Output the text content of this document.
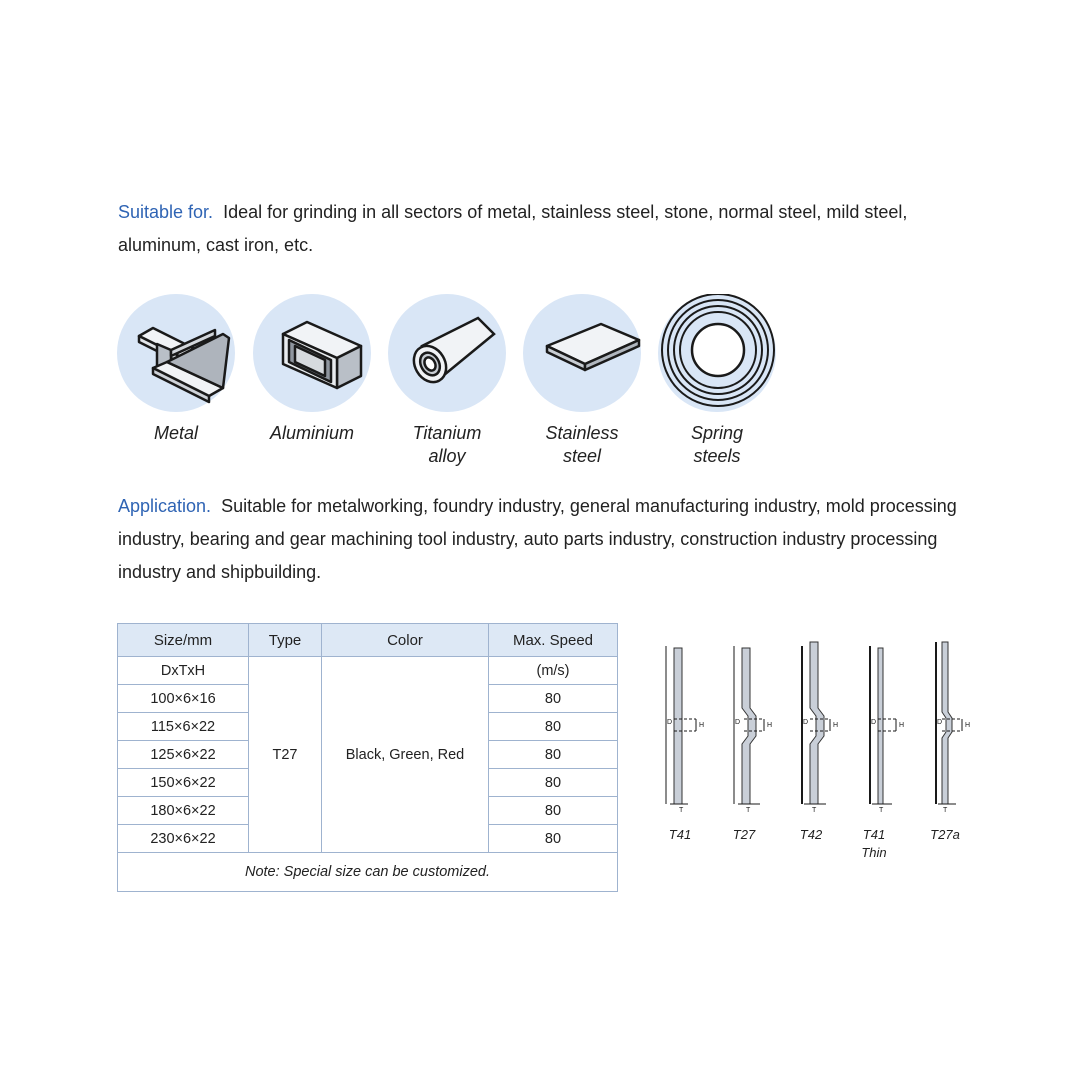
Suitable for. Ideal for grinding in all sectors of metal, stainless steel, stone, normal steel, mild steel, aluminum, cast iron, etc.
Metal	Aluminium	Titanium
alloy
Stainless
steel
Spring
steels
Application. Suitable for metalworking, foundry industry, general manufacturing industry, mold processing industry, bearing and gear machining tool industry, auto parts industry, construction industry processing industry and shipbuilding.
Size/mm	Type	Color	Max. Speed
DxTxH	T27	Black, Green, Red	(m/s)
100×6×16			80
115×6×22			80
125×6×22			80
150×6×22			80
180×6×22			80
230×6×22			80
Note: Special size can be customized.			
D	H
T
D	H
T
D	H
T
D	H
T
D	H
T
T41	T27	T42	T41
Thin
T27a
